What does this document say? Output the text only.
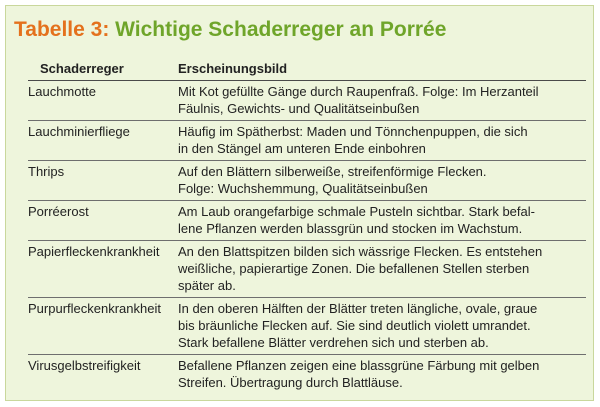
Tabelle 3: Wichtige Schaderreger an Porrée
Schaderreger	Erscheinungsbild
Lauchmotte	Mit Kot gefüllte Gänge durch Raupenfraß. Folge: Im Herzanteil
Fäulnis, Gewichts- und Qualitätseinbußen
Lauchminierfliege	Häufig im Spätherbst: Maden und Tönnchenpuppen, die sich
in den Stängel am unteren Ende einbohren
Thrips	Auf den Blättern silberweiße, streifenförmige Flecken.
Folge: Wuchshemmung, Qualitätseinbußen
Porréerost	Am Laub orangefarbige schmale Pusteln sichtbar. Stark befal-
lene Pflanzen werden blassgrün und stocken im Wachstum.
Papierfleckenkrankheit	An den Blattspitzen bilden sich wässrige Flecken. Es entstehen
weißliche, papierartige Zonen. Die befallenen Stellen sterben
später ab.
Purpurfleckenkrankheit	In den oberen Hälften der Blätter treten längliche, ovale, graue
bis bräunliche Flecken auf. Sie sind deutlich violett umrandet.
Stark befallene Blätter verdrehen sich und sterben ab.
Virusgelbstreifigkeit	Befallene Pflanzen zeigen eine blassgrüne Färbung mit gelben
Streifen. Übertragung durch Blattläuse.
